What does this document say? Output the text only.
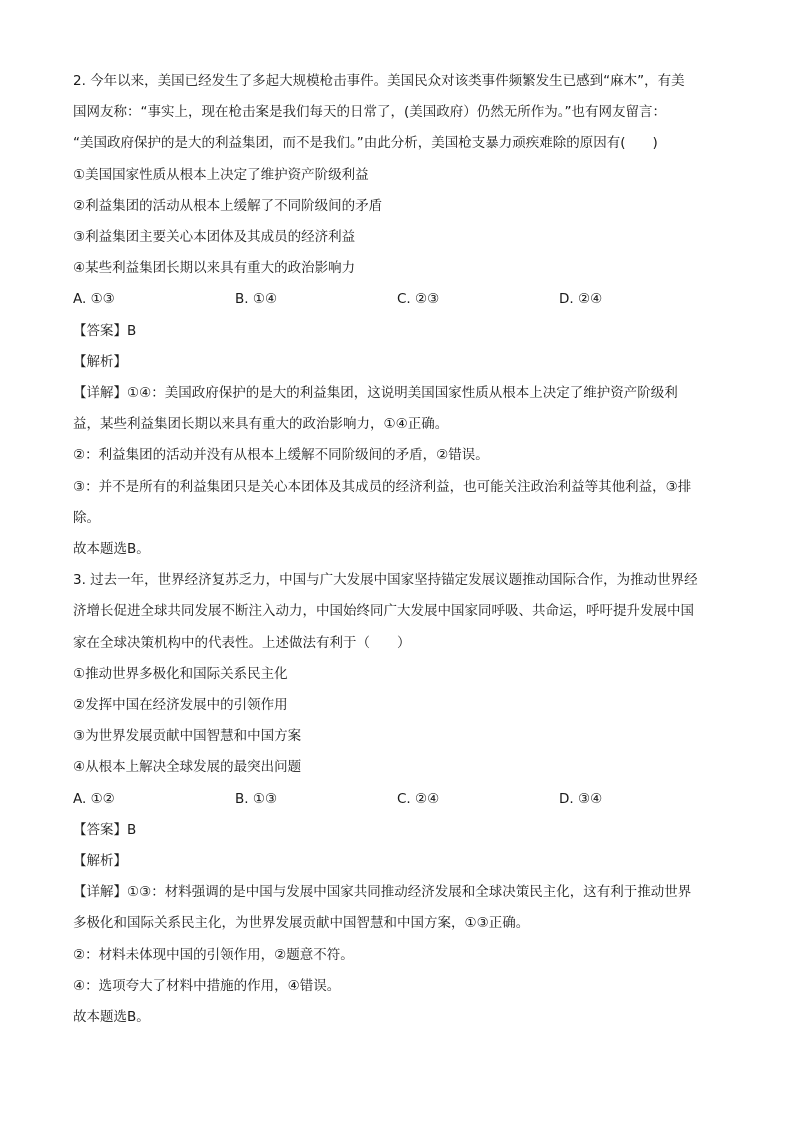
2. 今年以来，美国已经发生了多起大规模枪击事件。美国民众对该类事件频繁发生已感到“麻木”，有美
国网友称：“事实上，现在枪击案是我们每天的日常了，(美国政府）仍然无所作为。”也有网友留言：
“美国政府保护的是大的利益集团，而不是我们。”由此分析，美国枪支暴力顽疾难除的原因有(　　)
①美国国家性质从根本上决定了维护资产阶级利益
②利益集团的活动从根本上缓解了不同阶级间的矛盾
③利益集团主要关心本团体及其成员的经济利益
④某些利益集团长期以来具有重大的政治影响力
A. ①③	B. ①④	C. ②③	D. ②④
【答案】B
【解析】
【详解】①④：美国政府保护的是大的利益集团，这说明美国国家性质从根本上决定了维护资产阶级利
益，某些利益集团长期以来具有重大的政治影响力，①④正确。
②：利益集团的活动并没有从根本上缓解不同阶级间的矛盾，②错误。
③：并不是所有的利益集团只是关心本团体及其成员的经济利益，也可能关注政治利益等其他利益，③排
除。
故本题选B。
3. 过去一年，世界经济复苏乏力，中国与广大发展中国家坚持锚定发展议题推动国际合作，为推动世界经
济增长促进全球共同发展不断注入动力，中国始终同广大发展中国家同呼吸、共命运，呼吁提升发展中国
家在全球决策机构中的代表性。上述做法有利于（　　）
①推动世界多极化和国际关系民主化
②发挥中国在经济发展中的引领作用
③为世界发展贡献中国智慧和中国方案
④从根本上解决全球发展的最突出问题
A. ①②	B. ①③	C. ②④	D. ③④
【答案】B
【解析】
【详解】①③：材料强调的是中国与发展中国家共同推动经济发展和全球决策民主化，这有利于推动世界
多极化和国际关系民主化，为世界发展贡献中国智慧和中国方案，①③正确。
②：材料未体现中国的引领作用，②题意不符。
④：选项夸大了材料中措施的作用，④错误。
故本题选B。
